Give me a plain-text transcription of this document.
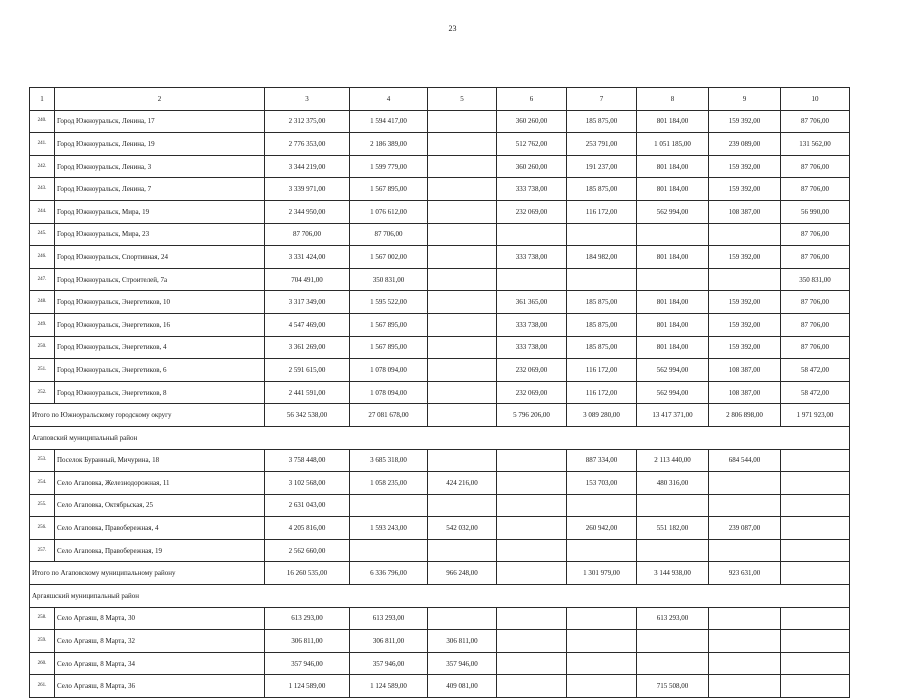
23
1	2	3	4	5	6	7	8	9	10
240.	Город Южноуральск, Ленина, 17	2 312 375,00	1 594 417,00		360 260,00	185 875,00	801 184,00	159 392,00	87 706,00
241.	Город Южноуральск, Ленина, 19	2 776 353,00	2 186 389,00		512 762,00	253 791,00	1 051 185,00	239 089,00	131 562,00
242.	Город Южноуральск, Ленина, 3	3 344 219,00	1 599 779,00		360 260,00	191 237,00	801 184,00	159 392,00	87 706,00
243.	Город Южноуральск, Ленина, 7	3 339 971,00	1 567 895,00		333 738,00	185 875,00	801 184,00	159 392,00	87 706,00
244.	Город Южноуральск, Мира, 19	2 344 950,00	1 076 612,00		232 069,00	116 172,00	562 994,00	108 387,00	56 990,00
245.	Город Южноуральск, Мира, 23	87 706,00	87 706,00						87 706,00
246.	Город Южноуральск, Спортивная, 24	3 331 424,00	1 567 002,00		333 738,00	184 982,00	801 184,00	159 392,00	87 706,00
247.	Город Южноуральск, Строителей, 7а	704 491,00	350 831,00						350 831,00
248.	Город Южноуральск, Энергетиков, 10	3 317 349,00	1 595 522,00		361 365,00	185 875,00	801 184,00	159 392,00	87 706,00
249.	Город Южноуральск, Энергетиков, 16	4 547 469,00	1 567 895,00		333 738,00	185 875,00	801 184,00	159 392,00	87 706,00
250.	Город Южноуральск, Энергетиков, 4	3 361 269,00	1 567 895,00		333 738,00	185 875,00	801 184,00	159 392,00	87 706,00
251.	Город Южноуральск, Энергетиков, 6	2 591 615,00	1 078 094,00		232 069,00	116 172,00	562 994,00	108 387,00	58 472,00
252.	Город Южноуральск, Энергетиков, 8	2 441 591,00	1 078 094,00		232 069,00	116 172,00	562 994,00	108 387,00	58 472,00
Итого по Южноуральскому городскому округу		56 342 538,00	27 081 678,00		5 796 206,00	3 089 280,00	13 417 371,00	2 806 898,00	1 971 923,00
Агаповский муниципальный район									
253.	Поселок Буранный, Мичурина, 18	3 758 448,00	3 685 318,00			887 334,00	2 113 440,00	684 544,00	
254.	Село Агаповка, Железнодорожная, 11	3 102 568,00	1 058 235,00	424 216,00		153 703,00	480 316,00		
255.	Село Агаповка, Октябрьская, 25	2 631 043,00							
256.	Село Агаповка, Правобережная, 4	4 205 816,00	1 593 243,00	542 032,00		260 942,00	551 182,00	239 087,00	
257.	Село Агаповка, Правобережная, 19	2 562 660,00							
Итого по Агаповскому муниципальному району		16 260 535,00	6 336 796,00	966 248,00		1 301 979,00	3 144 938,00	923 631,00	
Аргаяшский муниципальный район									
258.	Село Аргаяш, 8 Марта, 30	613 293,00	613 293,00				613 293,00		
259.	Село Аргаяш, 8 Марта, 32	306 811,00	306 811,00	306 811,00					
260.	Село Аргаяш, 8 Марта, 34	357 946,00	357 946,00	357 946,00					
261.	Село Аргаяш, 8 Марта, 36	1 124 589,00	1 124 589,00	409 081,00			715 508,00		
